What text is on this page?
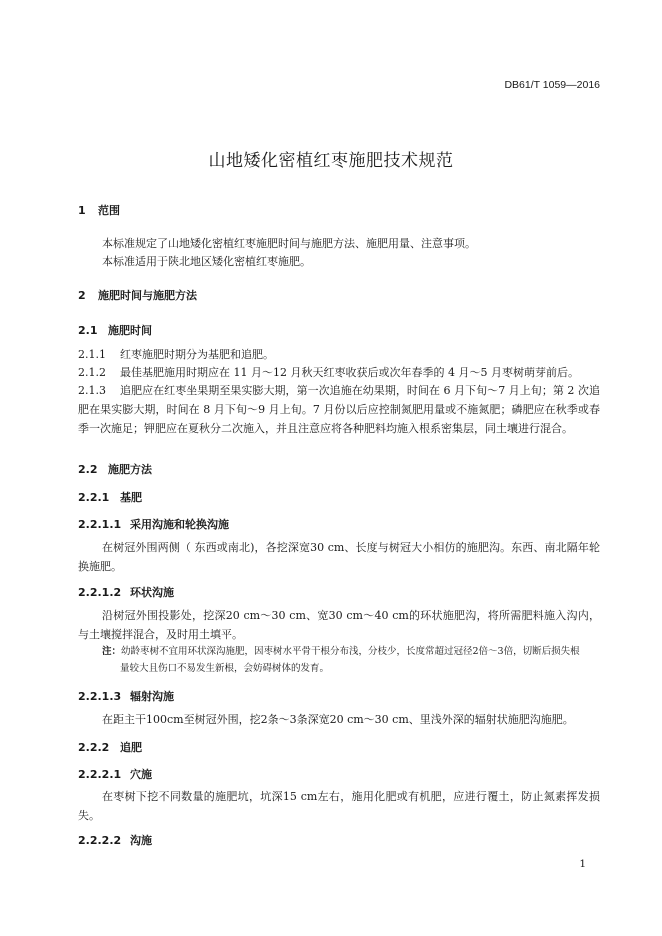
DB61/T 1059—2016
山地矮化密植红枣施肥技术规范
1 范围
本标准规定了山地矮化密植红枣施肥时间与施肥方法、施肥用量、注意事项。
本标准适用于陕北地区矮化密植红枣施肥。
2 施肥时间与施肥方法
2.1 施肥时间
2.1.1 红枣施肥时期分为基肥和追肥。
2.1.2 最佳基肥施用时期应在 11 月～12 月秋天红枣收获后或次年春季的 4 月～5 月枣树萌芽前后。
2.1.3 追肥应在红枣坐果期至果实膨大期，第一次追施在幼果期，时间在 6 月下旬～7 月上旬；第 2 次追肥在果实膨大期，时间在 8 月下旬～9 月上旬。7 月份以后应控制氮肥用量或不施氮肥；磷肥应在秋季或春季一次施足；钾肥应在夏秋分二次施入，并且注意应将各种肥料均施入根系密集层，同土壤进行混合。
2.2 施肥方法
2.2.1 基肥
2.2.1.1 采用沟施和轮换沟施
在树冠外围两侧（ 东西或南北)，各挖深宽30 cm、长度与树冠大小相仿的施肥沟。东西、南北隔年轮换施肥。
2.2.1.2 环状沟施
沿树冠外围投影处，挖深20 cm～30 cm、宽30 cm～40 cm的环状施肥沟，将所需肥料施入沟内，与土壤搅拌混合，及时用土填平。
注：幼龄枣树不宜用环状深沟施肥，因枣树水平骨干根分布浅，分枝少，长度常超过冠径2倍～3倍，切断后损失根
量较大且伤口不易发生新根，会妨碍树体的发育。
2.2.1.3 辐射沟施
在距主干100cm至树冠外围，挖2条～3条深宽20 cm～30 cm、里浅外深的辐射状施肥沟施肥。
2.2.2 追肥
2.2.2.1 穴施
在枣树下挖不同数量的施肥坑，坑深15 cm左右，施用化肥或有机肥，应进行覆土，防止氮素挥发损失。
2.2.2.2 沟施
1
